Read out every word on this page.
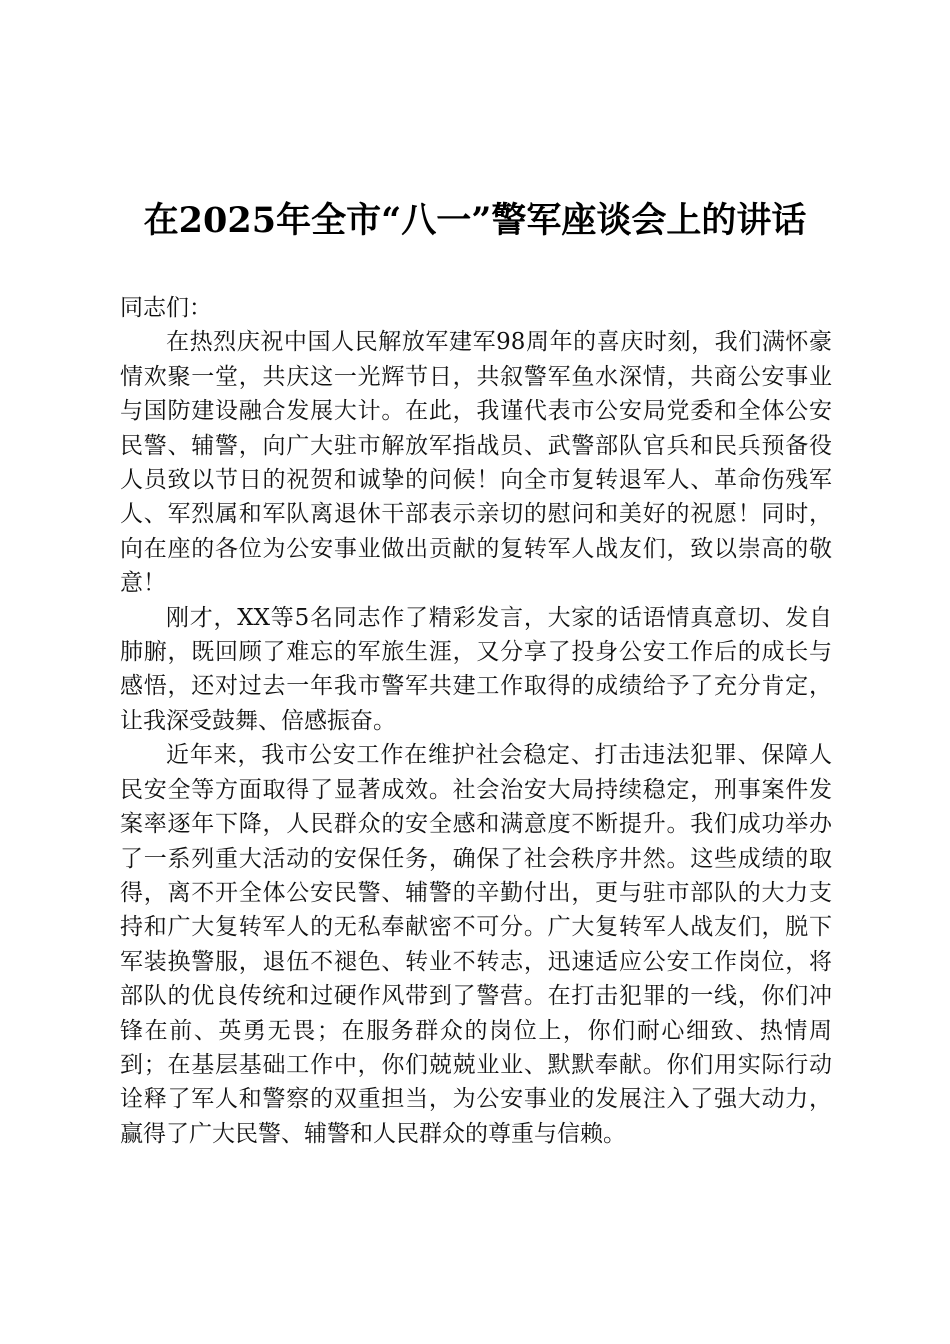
在2025年全市“八一”警军座谈会上的讲话

同志们：

在热烈庆祝中国人民解放军建军98周年的喜庆时刻，我们满怀豪情欢聚一堂，共庆这一光辉节日，共叙警军鱼水深情，共商公安事业与国防建设融合发展大计。在此，我谨代表市公安局党委和全体公安民警、辅警，向广大驻市解放军指战员、武警部队官兵和民兵预备役人员致以节日的祝贺和诚挚的问候！向全市复转退军人、革命伤残军人、军烈属和军队离退休干部表示亲切的慰问和美好的祝愿！同时，向在座的各位为公安事业做出贡献的复转军人战友们，致以崇高的敬意！

刚才，XX等5名同志作了精彩发言，大家的话语情真意切、发自肺腑，既回顾了难忘的军旅生涯，又分享了投身公安工作后的成长与感悟，还对过去一年我市警军共建工作取得的成绩给予了充分肯定，让我深受鼓舞、倍感振奋。

近年来，我市公安工作在维护社会稳定、打击违法犯罪、保障人民安全等方面取得了显著成效。社会治安大局持续稳定，刑事案件发案率逐年下降，人民群众的安全感和满意度不断提升。我们成功举办了一系列重大活动的安保任务，确保了社会秩序井然。这些成绩的取得，离不开全体公安民警、辅警的辛勤付出，更与驻市部队的大力支持和广大复转军人的无私奉献密不可分。广大复转军人战友们，脱下军装换警服，退伍不褪色、转业不转志，迅速适应公安工作岗位，将部队的优良传统和过硬作风带到了警营。在打击犯罪的一线，你们冲锋在前、英勇无畏；在服务群众的岗位上，你们耐心细致、热情周到；在基层基础工作中，你们兢兢业业、默默奉献。你们用实际行动诠释了军人和警察的双重担当，为公安事业的发展注入了强大动力，赢得了广大民警、辅警和人民群众的尊重与信赖。
